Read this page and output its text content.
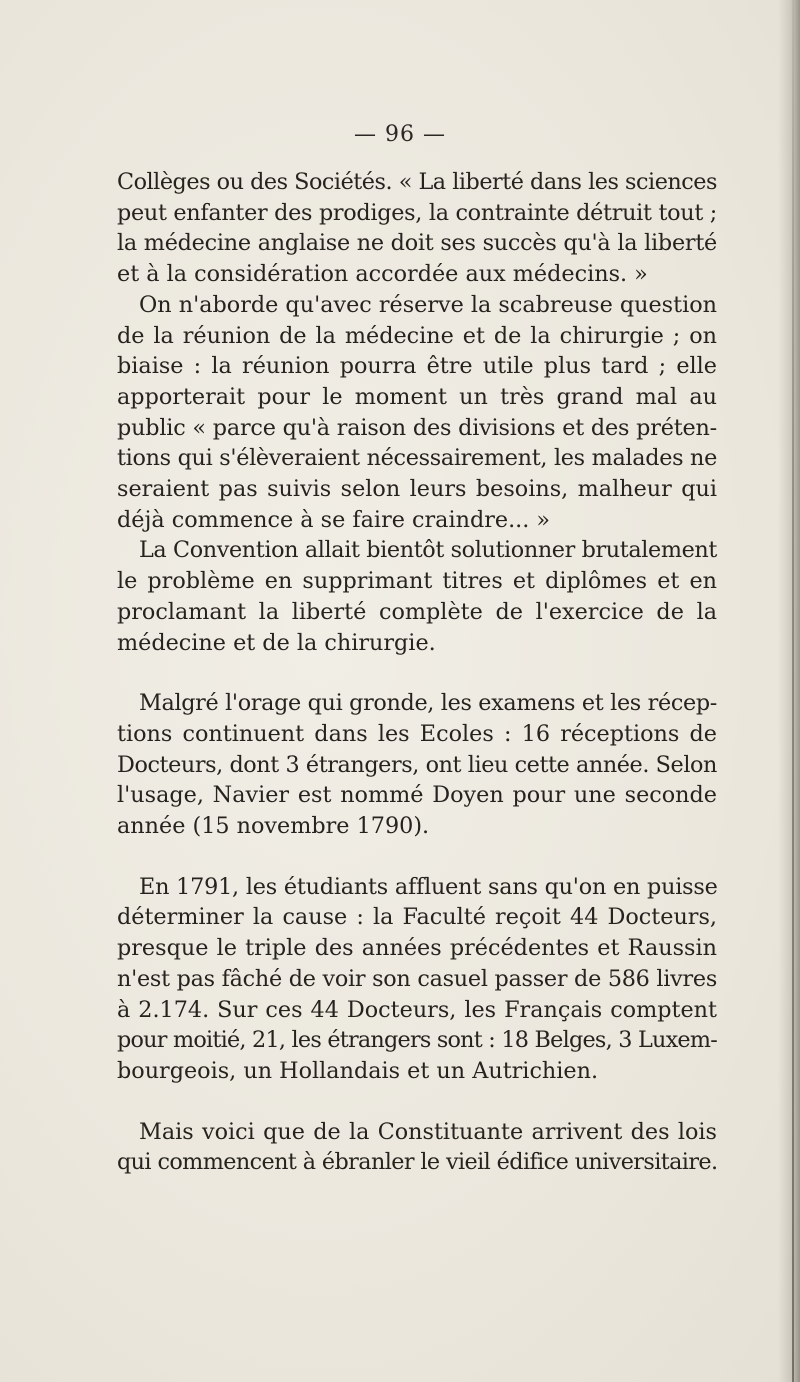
— 96 —
Collèges ou des Sociétés. « La liberté dans les sciences
peut enfanter des prodiges, la contrainte détruit tout ;
la médecine anglaise ne doit ses succès qu'à la liberté
et à la considération accordée aux médecins. »
On n'aborde qu'avec réserve la scabreuse question
de la réunion de la médecine et de la chirurgie ; on
biaise : la réunion pourra être utile plus tard ; elle
apporterait pour le moment un très grand mal au
public « parce qu'à raison des divisions et des préten-
tions qui s'élèveraient nécessairement, les malades ne
seraient pas suivis selon leurs besoins, malheur qui
déjà commence à se faire craindre... »
La Convention allait bientôt solutionner brutalement
le problème en supprimant titres et diplômes et en
proclamant la liberté complète de l'exercice de la
médecine et de la chirurgie.
Malgré l'orage qui gronde, les examens et les récep-
tions continuent dans les Ecoles : 16 réceptions de
Docteurs, dont 3 étrangers, ont lieu cette année. Selon
l'usage, Navier est nommé Doyen pour une seconde
année (15 novembre 1790).
En 1791, les étudiants affluent sans qu'on en puisse
déterminer la cause : la Faculté reçoit 44 Docteurs,
presque le triple des années précédentes et Raussin
n'est pas fâché de voir son casuel passer de 586 livres
à 2.174. Sur ces 44 Docteurs, les Français comptent
pour moitié, 21, les étrangers sont : 18 Belges, 3 Luxem-
bourgeois, un Hollandais et un Autrichien.
Mais voici que de la Constituante arrivent des lois
qui commencent à ébranler le vieil édifice universitaire.
